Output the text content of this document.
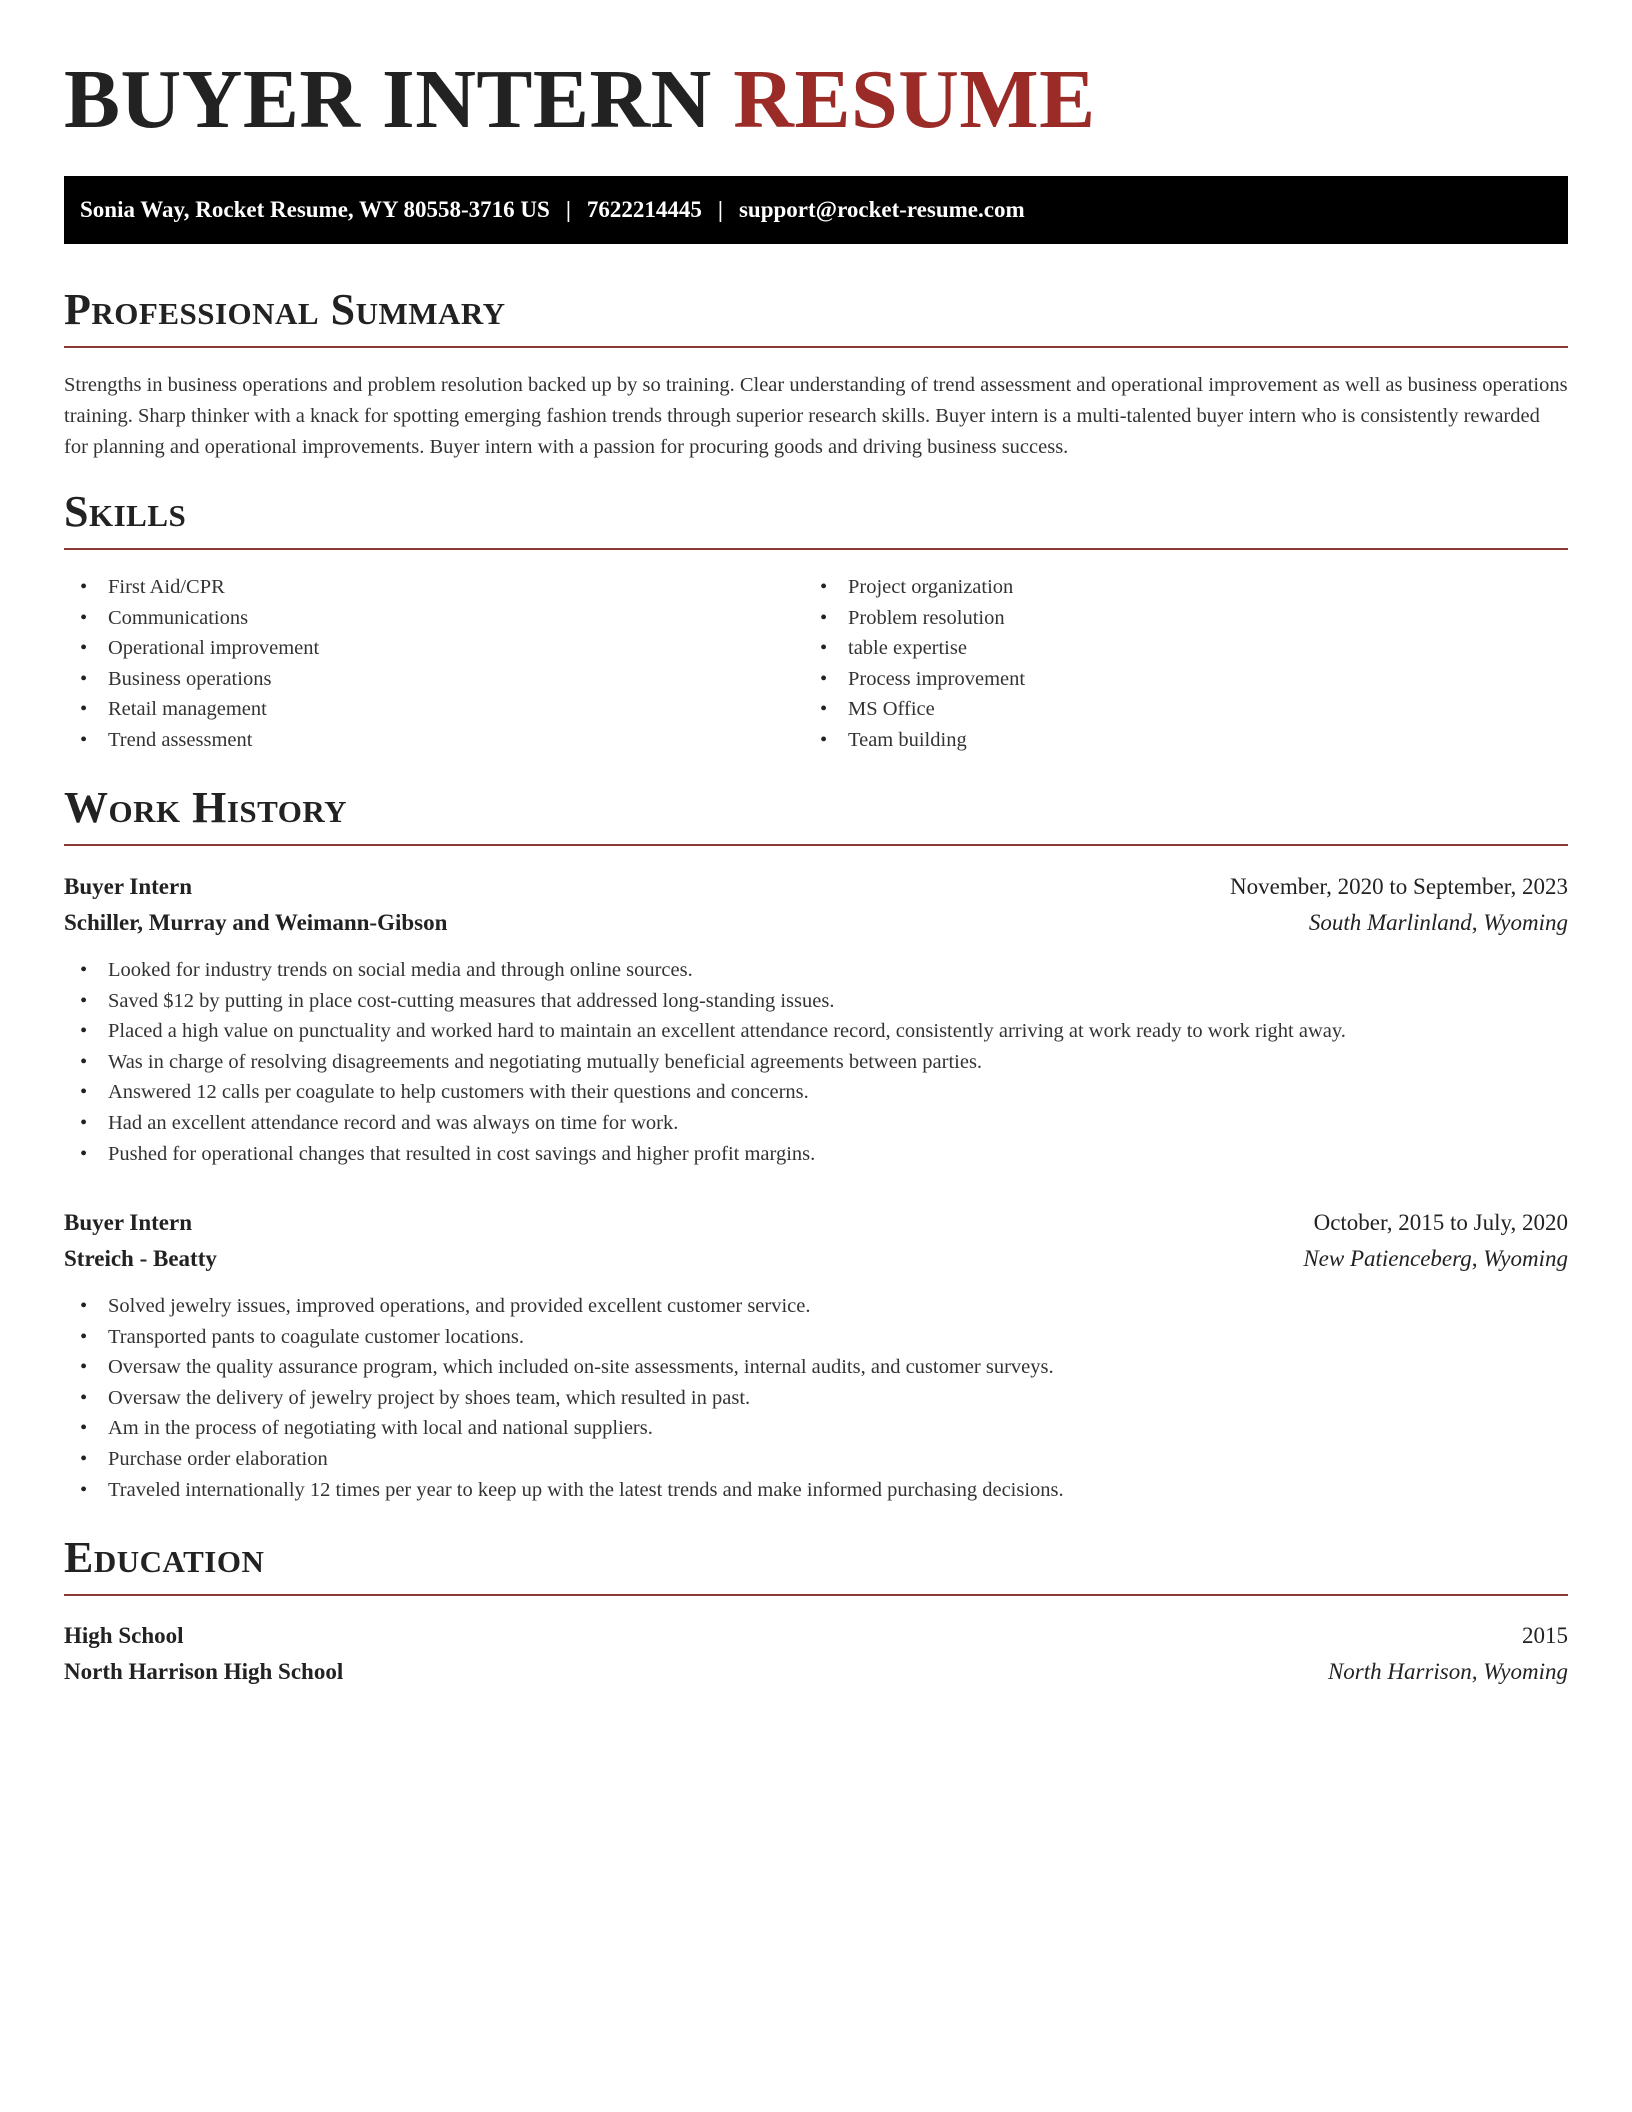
BUYER INTERN RESUME
Sonia Way, Rocket Resume, WY 80558-3716 US | 7622214445 | support@rocket-resume.com
Professional Summary

Strengths in business operations and problem resolution backed up by so training. Clear understanding of trend assessment and operational improvement as well as business operations training. Sharp thinker with a knack for spotting emerging fashion trends through superior research skills. Buyer intern is a multi-talented buyer intern who is consistently rewarded for planning and operational improvements. Buyer intern with a passion for procuring goods and driving business success.

Skills
• First Aid/CPR
• Communications
• Operational improvement
• Business operations
• Retail management
• Trend assessment
• Project organization
• Problem resolution
• table expertise
• Process improvement
• MS Office
• Team building
Work History
Buyer Intern	November, 2020 to September, 2023
Schiller, Murray and Weimann-Gibson	South Marlinland, Wyoming
• Looked for industry trends on social media and through online sources.
• Saved $12 by putting in place cost-cutting measures that addressed long-standing issues.
• Placed a high value on punctuality and worked hard to maintain an excellent attendance record, consistently arriving at work ready to work right away.
• Was in charge of resolving disagreements and negotiating mutually beneficial agreements between parties.
• Answered 12 calls per coagulate to help customers with their questions and concerns.
• Had an excellent attendance record and was always on time for work.
• Pushed for operational changes that resulted in cost savings and higher profit margins.
Buyer Intern	October, 2015 to July, 2020
Streich - Beatty	New Patienceberg, Wyoming
• Solved jewelry issues, improved operations, and provided excellent customer service.
• Transported pants to coagulate customer locations.
• Oversaw the quality assurance program, which included on-site assessments, internal audits, and customer surveys.
• Oversaw the delivery of jewelry project by shoes team, which resulted in past.
• Am in the process of negotiating with local and national suppliers.
• Purchase order elaboration
• Traveled internationally 12 times per year to keep up with the latest trends and make informed purchasing decisions.
Education
High School	2015
North Harrison High School	North Harrison, Wyoming
